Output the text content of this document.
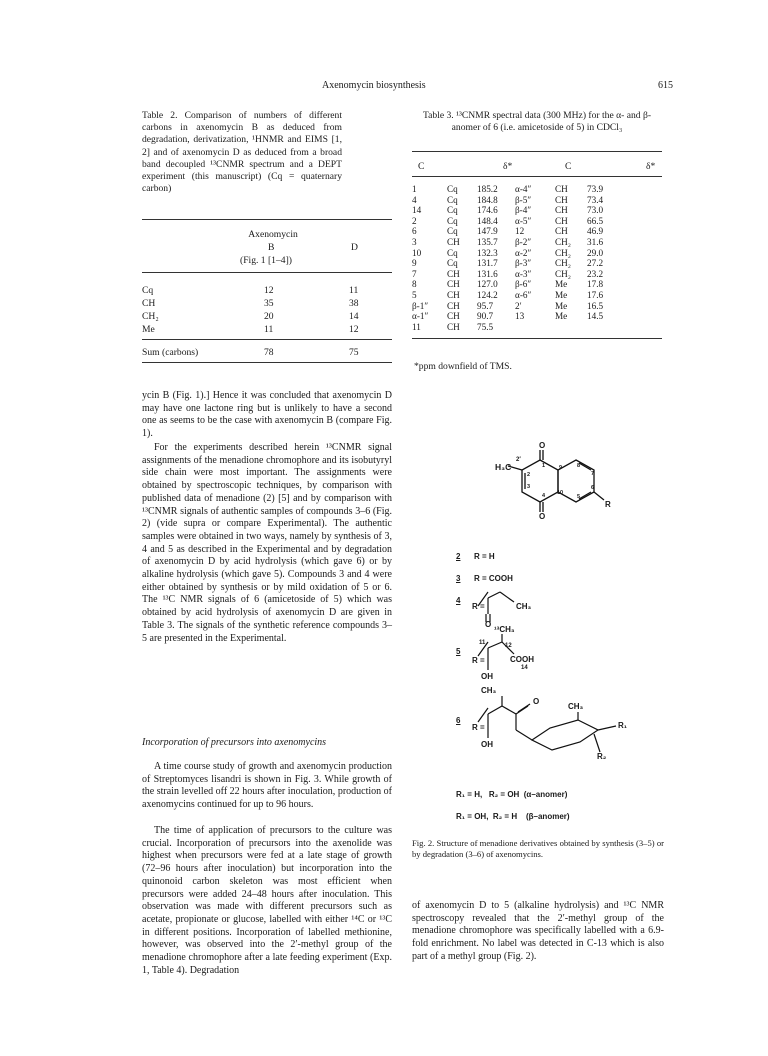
Axenomycin biosynthesis	615
Table 2. Comparison of numbers of different carbons in axenomycin B as deduced from degradation, derivatization, ¹HNMR and EIMS [1, 2] and of axenomycin D as deduced from a broad band decoupled ¹³CNMR spectrum and a DEPT experiment (this manuscript) (Cq = quaternary carbon)
Axenomycin
B	D
(Fig. 1 [1–4])
Cq	12	11
CH	35	38
CH₂	20	14
Me	11	12
Sum (carbons)	78	75
Table 3. ¹³CNMR spectral data (300 MHz) for the α- and β-anomer of 6 (i.e. amicetoside of 5) in CDCl₃
C	δ*	C	δ*
1	Cq	185.2	α-4″	CH	73.9
4	Cq	184.8	β-5″	CH	73.4
14	Cq	174.6	β-4″	CH	73.0
2	Cq	148.4	α-5″	CH	66.5
6	Cq	147.9	12	CH	46.9
3	CH	135.7	β-2″	CH₂	31.6
10	Cq	132.3	α-2″	CH₂	29.0
9	Cq	131.7	β-3″	CH₂	27.2
7	CH	131.6	α-3″	CH₂	23.2
8	CH	127.0	β-6″	Me	17.8
5	CH	124.2	α-6″	Me	17.6
β-1″	CH	95.7	2′	Me	16.5
α-1″	CH	90.7	13	Me	14.5
11	CH	75.5			
*ppm downfield of TMS.
ycin B (Fig. 1).] Hence it was concluded that axenomycin D may have one lactone ring but is unlikely to have a second one as seems to be the case with axenomycin B (compare Fig. 1).
For the experiments described herein ¹³CNMR signal assignments of the menadione chromophore and its isobutyryl side chain were most important. The assignments were obtained by spectroscopic techniques, by comparison with published data of menadione (2) [5] and by comparison with ¹³CNMR signals of authentic samples of compounds 3–6 (Fig. 2) (vide supra or compare Experimental). The authentic samples were obtained in two ways, namely by synthesis of 3, 4 and 5 as described in the Experimental and by degradation of axenomycin D by acid hydrolysis (which gave 6) or by alkaline hydrolysis (which gave 5). Compounds 3 and 4 were either obtained by synthesis or by mild oxidation of 5 or 6. The ¹³C NMR signals of 6 (amicetoside of 5) which was obtained by acid hydrolysis of axenomycin D are given in Table 3. The signals of the synthetic reference compounds 3–5 are presented in the Experimental.
Incorporation of precursors into axenomycins
A time course study of growth and axenomycin production of Streptomyces lisandri is shown in Fig. 3. While growth of the strain levelled off 22 hours after inoculation, production of axenomycins continued for up to 96 hours.
The time of application of precursors to the culture was crucial. Incorporation of precursors into the axenolide was highest when precursors were fed at a late stage of growth (72–96 hours after inoculation) but incorporation into the quinonoid carbon skeleton was most efficient when precursors were added 24–48 hours after inoculation. This observation was made with different precursors such as acetate, propionate or glucose, labelled with either ¹⁴C or ¹³C in different positions. Incorporation of labelled methionine, however, was observed into the 2′-methyl group of the menadione chromophore after a late feeding experiment (Exp. 1, Table 4). Degradation
H₃C
2′
O
O
R
1
2
3
4	5
6
7
8
9
10
2 R = H
3 R = COOH
4
R =
O
CH₃
5
¹³CH₃
11	12
R =	COOH
14
OH
6
CH₃
R =
O
CH₃
OH
R₁
R₂
R₁ = H,   R₂ = OH  (α–anomer)
R₁ = OH,  R₂ = H    (β–anomer)
Fig. 2. Structure of menadione derivatives obtained by synthesis (3–5) or by degradation (3–6) of axenomycins.
of axenomycin D to 5 (alkaline hydrolysis) and ¹³C NMR spectroscopy revealed that the 2′-methyl group of the menadione chromophore was specifically labelled with a 6.9-fold enrichment. No label was detected in C-13 which is also part of a methyl group (Fig. 2).
